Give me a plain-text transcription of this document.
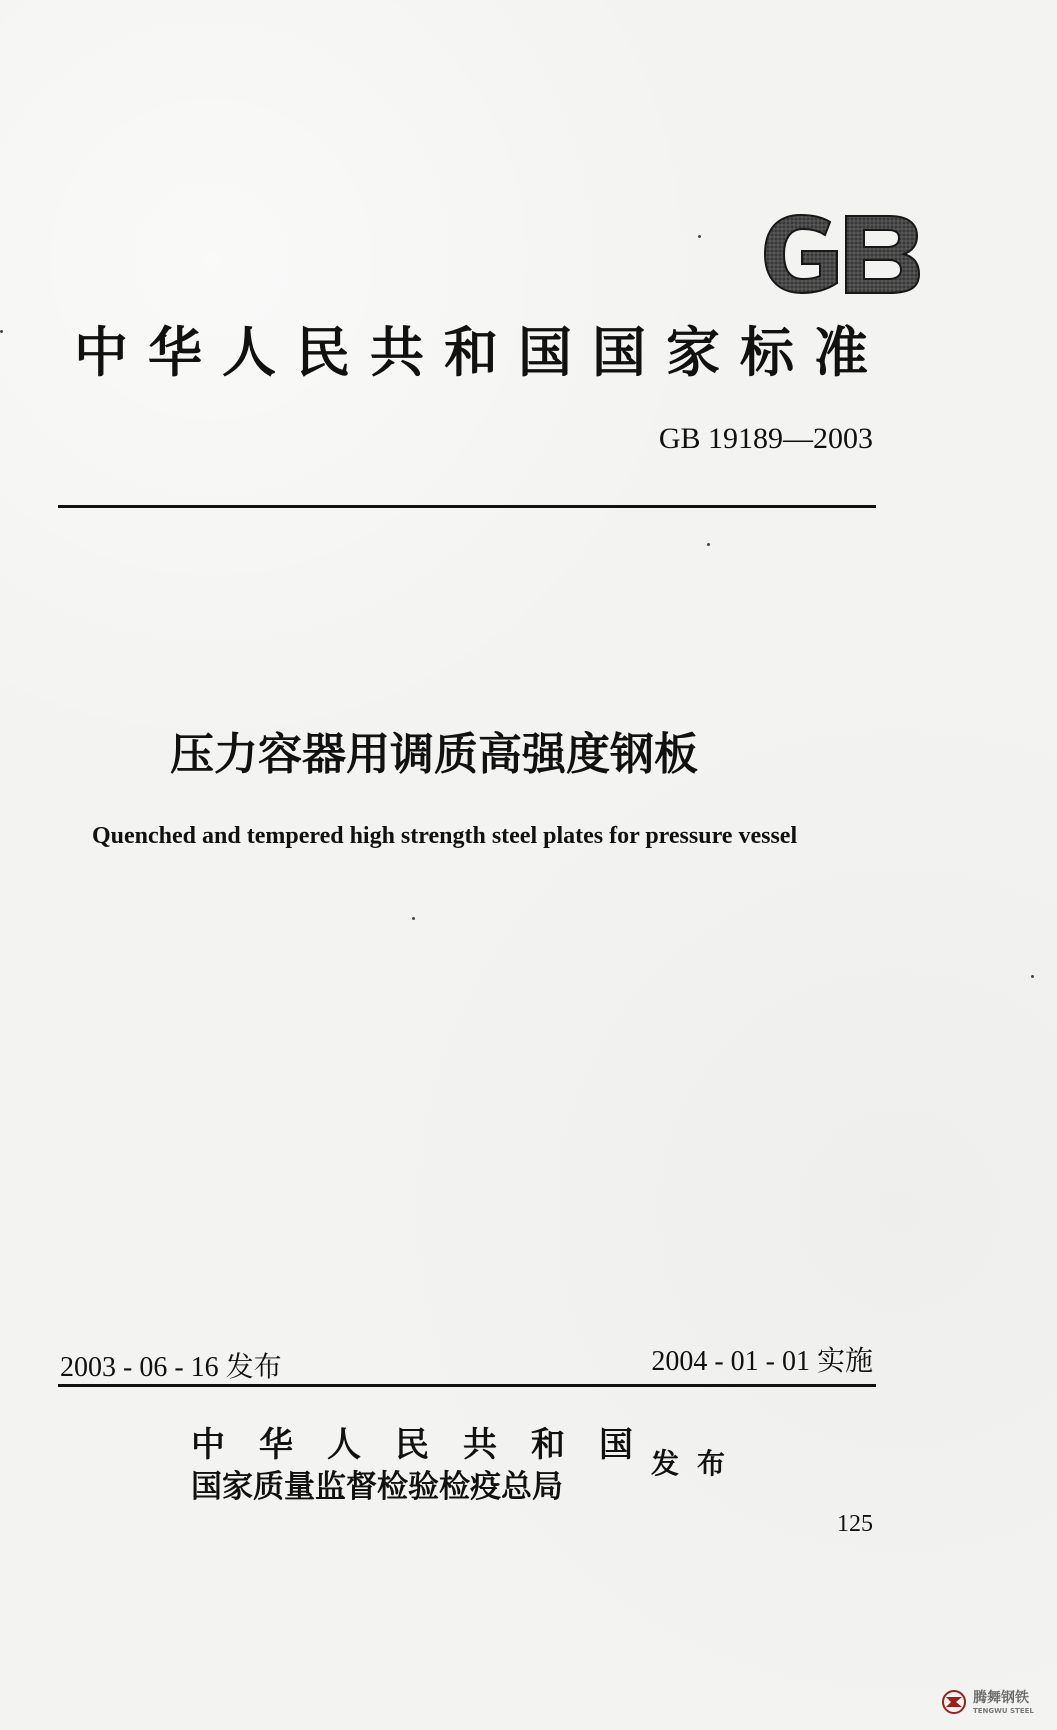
中华人民共和国国家标准
GB 19189—2003
压力容器用调质高强度钢板
Quenched and tempered high strength steel plates for pressure vessel
2003 - 06 - 16 发布	2004 - 01 - 01 实施
中华人民共和国
国家质量监督检验检疫总局
发布
125
腾舞钢铁
TENGWU STEEL
